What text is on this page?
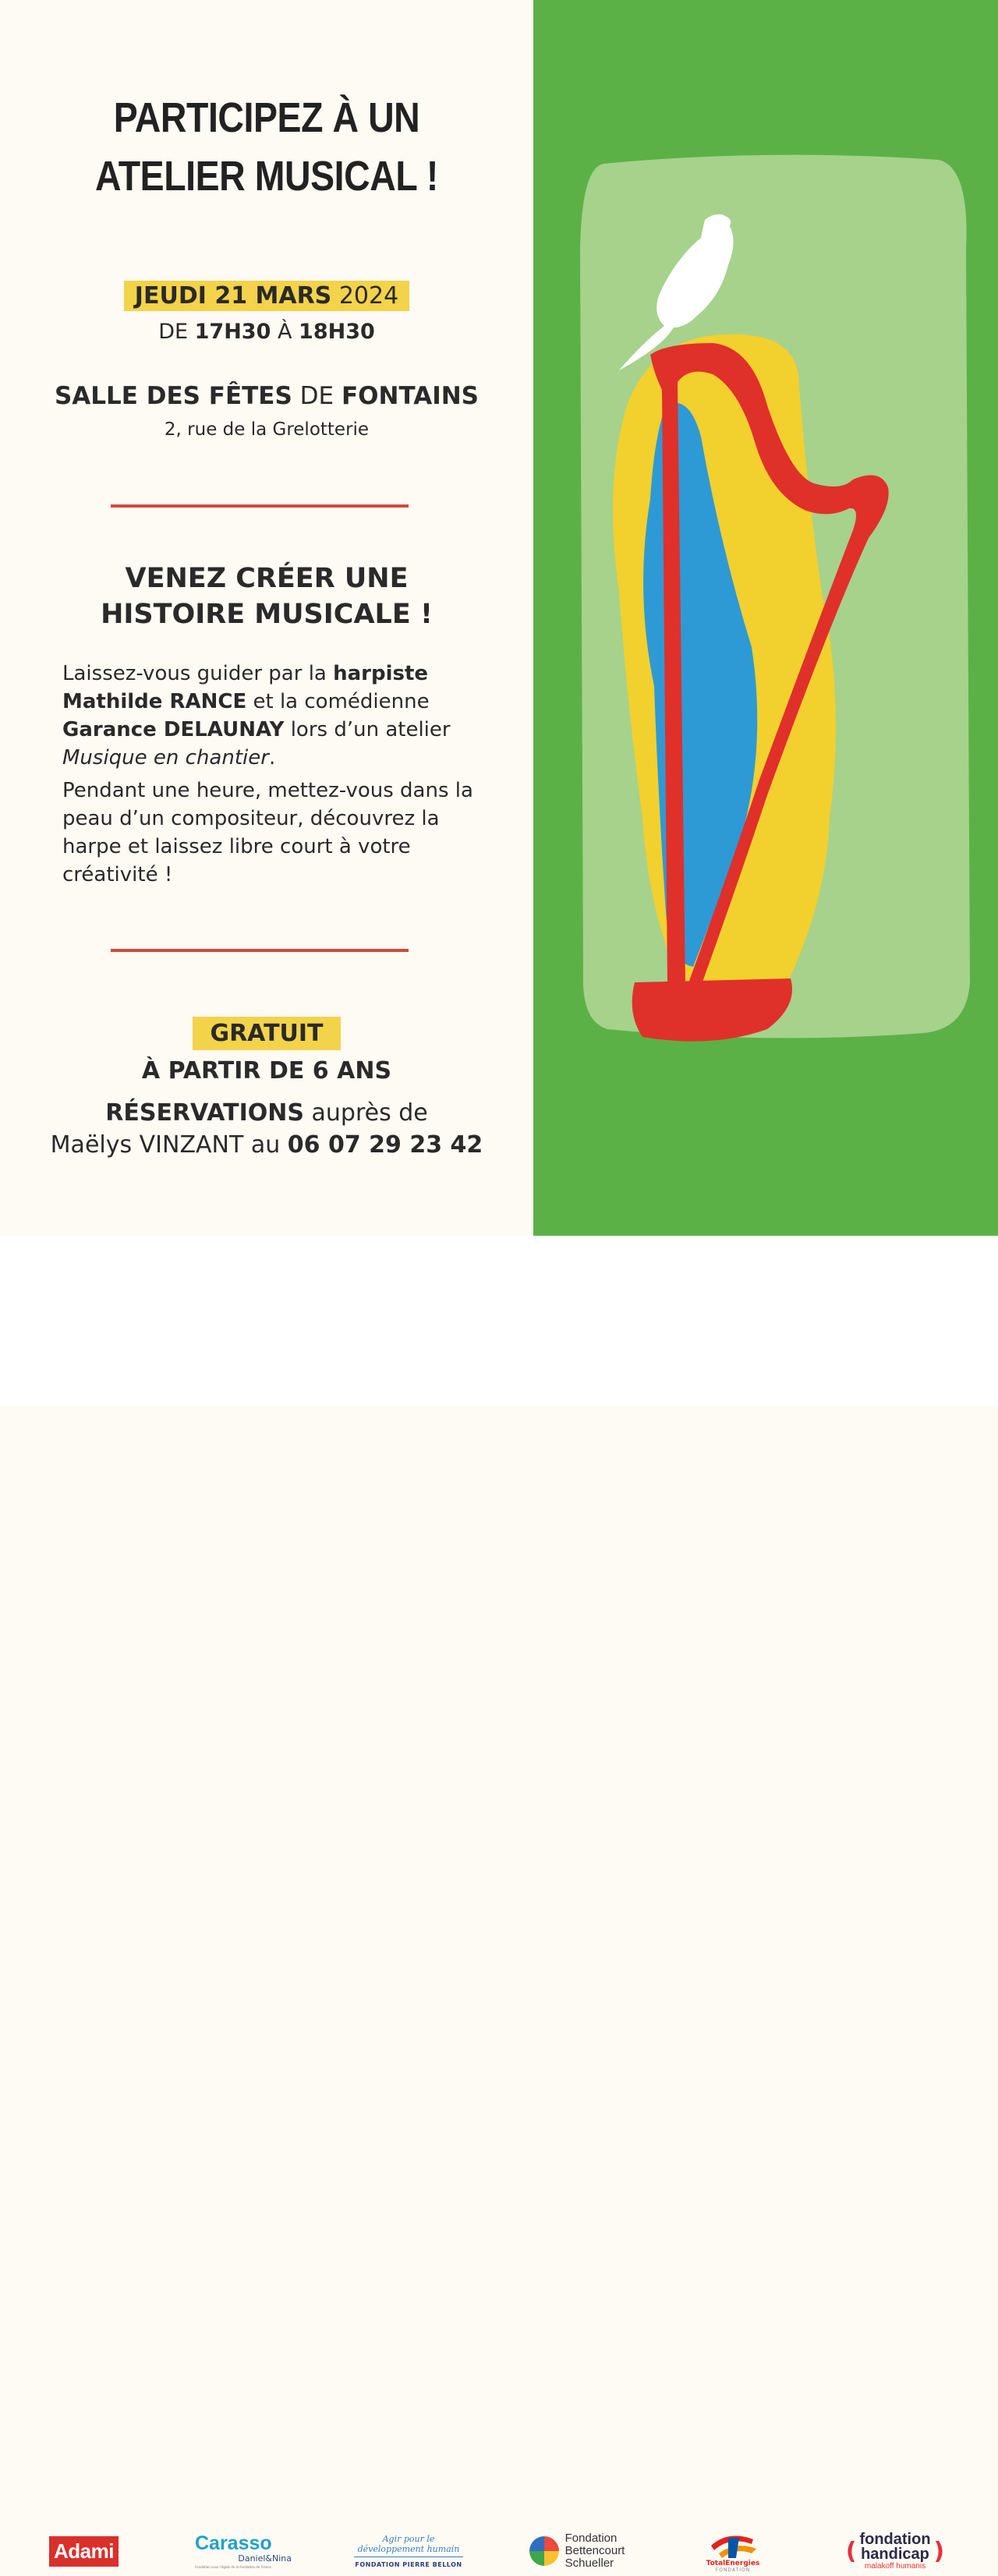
PARTICIPEZ À UN
ATELIER MUSICAL !
JEUDI 21 MARS 2024
DE 17H30 À 18H30
SALLE DES FÊTES DE FONTAINS
2, rue de la Grelotterie
VENEZ CRÉER UNE
HISTOIRE MUSICALE !

Laissez-vous guider par la harpiste Mathilde RANCE et la comédienne Garance DELAUNAY lors d’un atelier Musique en chantier.

Pendant une heure, mettez-vous dans la peau d’un compositeur, découvrez la harpe et laissez libre court à votre créativité !

GRATUIT
À PARTIR DE 6 ANS
RÉSERVATIONS auprès de
Maëlys VINZANT au 06 07 29 23 42
Adami	Carasso
Daniel&Nina
Fondation sous l’égide de la Fondation de France
Agir pour le développement humain
FONDATION PIERRE BELLON
Fondation
Bettencourt
Schueller	TotalEnergies
FONDATION
( fondation
handicap
malakoff humanis
)
